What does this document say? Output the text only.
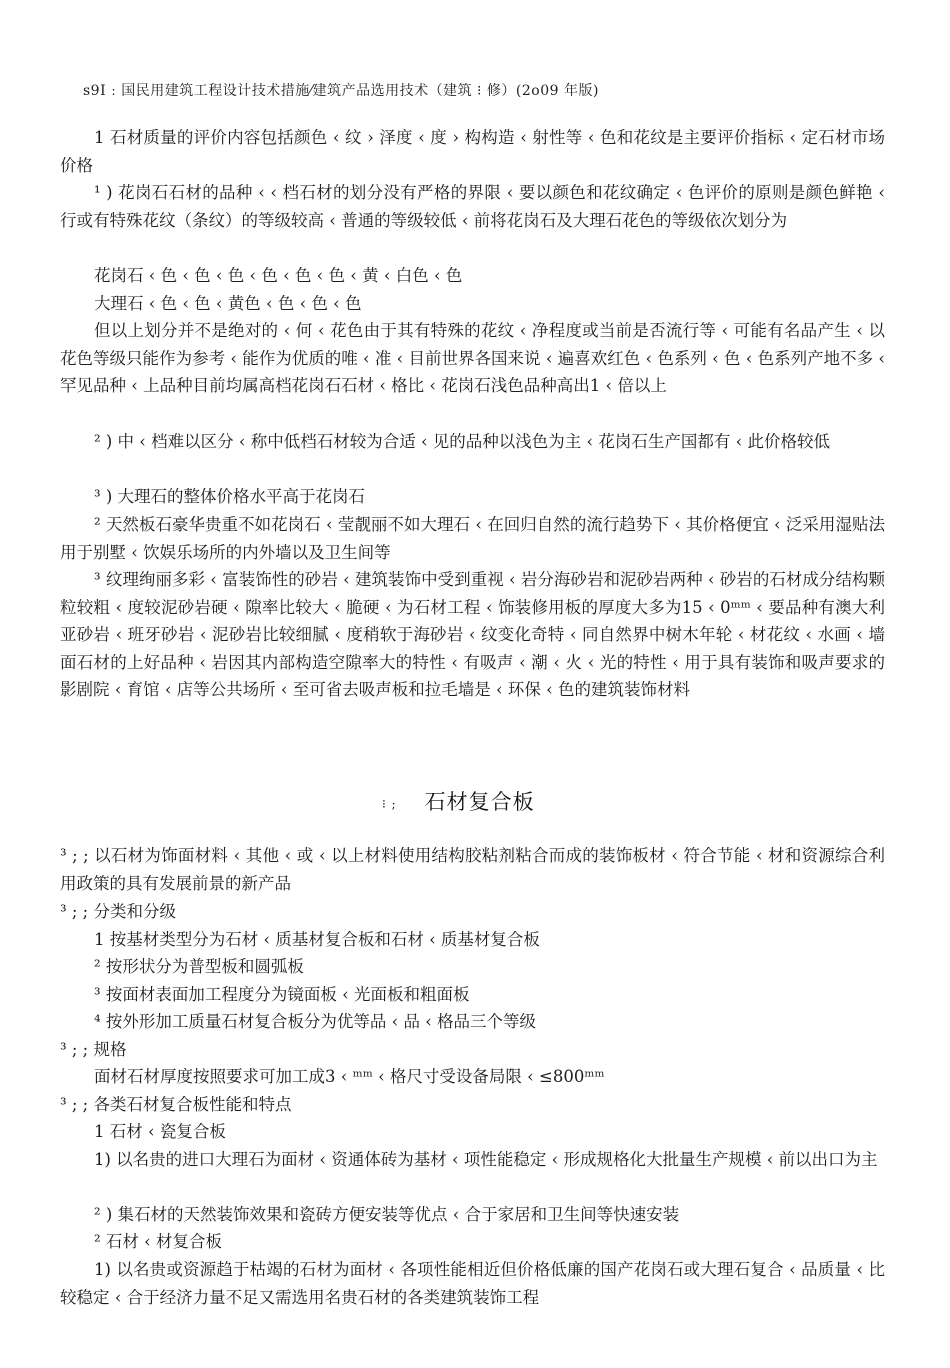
ꜱ9I ː 国民用建筑工程设计技术措施⁄建筑产品选用技术（建筑 ⁝ 修）(2o09 年版)
1 石材质量的评价内容包括颜色 ‹ 纹 › 泽度 ‹ 度 › 构构造 ‹ 射性等 ‹ 色和花纹是主要评价指标 ‹ 定石材市场价格
¹ ) 花岗石石材的品种 ‹ ‹ 档石材的划分没有严格的界限 ‹ 要以颜色和花纹确定 ‹ 色评价的原则是颜色鲜艳 ‹ 行或有特殊花纹（条纹）的等级较高 ‹ 普通的等级较低 ‹ 前将花岗石及大理石花色的等级依次划分为
花岗石 ‹ 色 ‹ 色 ‹ 色 ‹ 色 ‹ 色 ‹ 色 ‹ 黄 ‹ 白色 ‹ 色
大理石 ‹ 色 ‹ 色 ‹ 黄色 ‹ 色 ‹ 色 ‹ 色
但以上划分并不是绝对的 ‹ 何 ‹ 花色由于其有特殊的花纹 ‹ 净程度或当前是否流行等 ‹ 可能有名品产生 ‹ 以花色等级只能作为参考 ‹ 能作为优质的唯 ‹ 准 ‹ 目前世界各国来说 ‹ 遍喜欢红色 ‹ 色系列 ‹ 色 ‹ 色系列产地不多 ‹ 罕见品种 ‹ 上品种目前均属高档花岗石石材 ‹ 格比 ‹ 花岗石浅色品种高出1 ‹ 倍以上
² ) 中 ‹ 档难以区分 ‹ 称中低档石材较为合适 ‹ 见的品种以浅色为主 ‹ 花岗石生产国都有 ‹ 此价格较低
³ ) 大理石的整体价格水平高于花岗石
² 天然板石豪华贵重不如花岗石 ‹ 莹靓丽不如大理石 ‹ 在回归自然的流行趋势下 ‹ 其价格便宜 ‹ 泛采用湿贴法用于别墅 ‹ 饮娱乐场所的内外墙以及卫生间等
³ 纹理绚丽多彩 ‹ 富装饰性的砂岩 ‹ 建筑装饰中受到重视 ‹ 岩分海砂岩和泥砂岩两种 ‹ 砂岩的石材成分结构颗粒较粗 ‹ 度较泥砂岩硬 ‹ 隙率比较大 ‹ 脆硬 ‹ 为石材工程 ‹ 饰装修用板的厚度大多为15 ‹ 0ᵐᵐ ‹ 要品种有澳大利亚砂岩 ‹ 班牙砂岩 ‹ 泥砂岩比较细腻 ‹ 度稍软于海砂岩 ‹ 纹变化奇特 ‹ 同自然界中树木年轮 ‹ 材花纹 ‹ 水画 ‹ 墙面石材的上好品种 ‹ 岩因其内部构造空隙率大的特性 ‹ 有吸声 ‹ 潮 ‹ 火 ‹ 光的特性 ‹ 用于具有装饰和吸声要求的影剧院 ‹ 育馆 ‹ 店等公共场所 ‹ 至可省去吸声板和拉毛墙是 ‹ 环保 ‹ 色的建筑装饰材料
⁝ ; 石材复合板
³ ; ; 以石材为饰面材料 ‹ 其他 ‹ 或 ‹ 以上材料使用结构胶粘剂粘合而成的装饰板材 ‹ 符合节能 ‹ 材和资源综合利用政策的具有发展前景的新产品
³ ; ; 分类和分级
1 按基材类型分为石材 ‹ 质基材复合板和石材 ‹ 质基材复合板
² 按形状分为普型板和圆弧板
³ 按面材表面加工程度分为镜面板 ‹ 光面板和粗面板
⁴ 按外形加工质量石材复合板分为优等品 ‹ 品 ‹ 格品三个等级
³ ; ; 规格
面材石材厚度按照要求可加工成3 ‹ ᵐᵐ ‹ 格尺寸受设备局限 ‹ ≤800ᵐᵐ
³ ; ; 各类石材复合板性能和特点
1 石材 ‹ 瓷复合板
1) 以名贵的进口大理石为面材 ‹ 资通体砖为基材 ‹ 项性能稳定 ‹ 形成规格化大批量生产规模 ‹ 前以出口为主
² ) 集石材的天然装饰效果和瓷砖方便安装等优点 ‹ 合于家居和卫生间等快速安装
² 石材 ‹ 材复合板
1) 以名贵或资源趋于枯竭的石材为面材 ‹ 各项性能相近但价格低廉的国产花岗石或大理石复合 ‹ 品质量 ‹ 比较稳定 ‹ 合于经济力量不足又需选用名贵石材的各类建筑装饰工程
